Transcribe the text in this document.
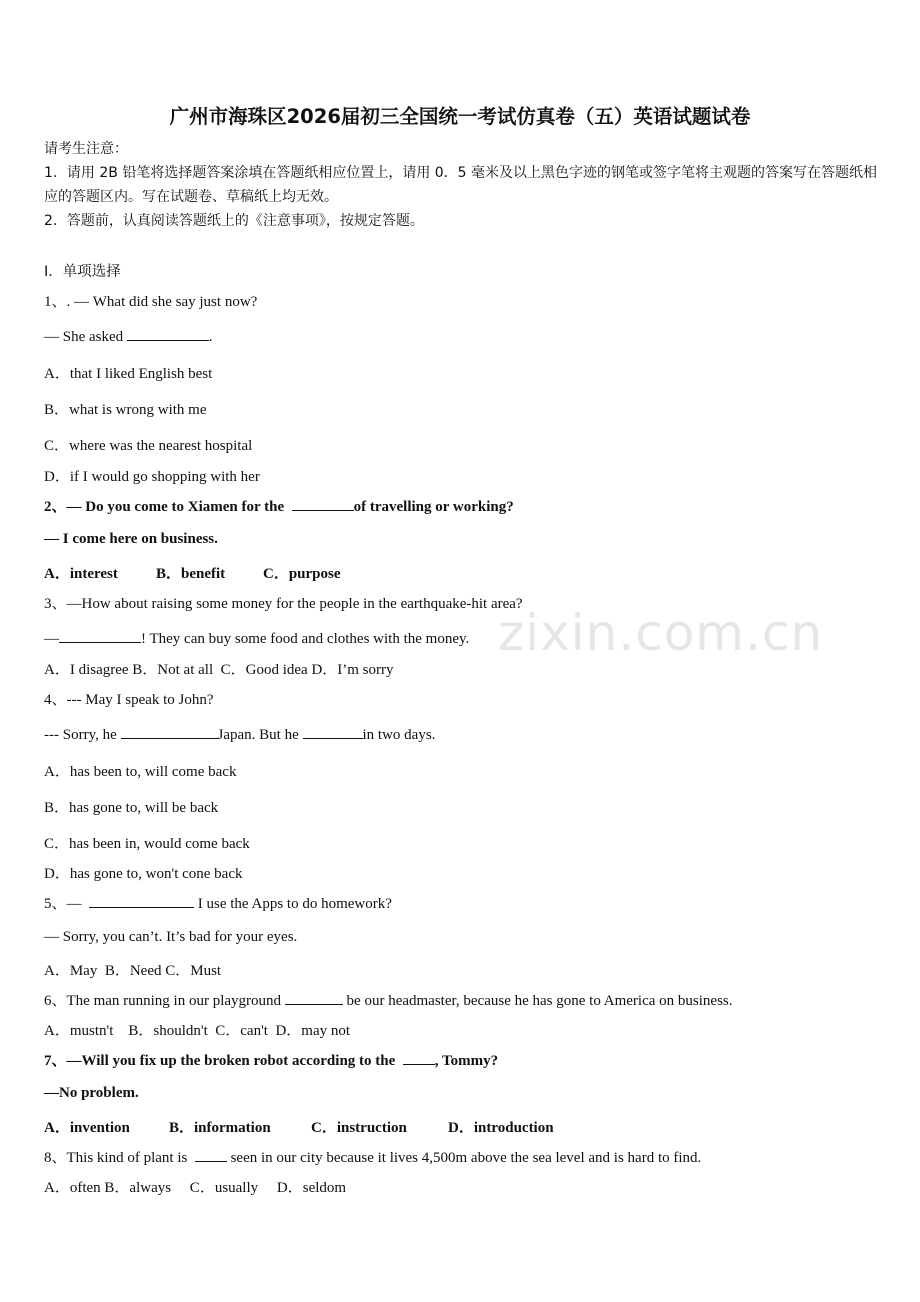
广州市海珠区2026届初三全国统一考试仿真卷（五）英语试题试卷
请考生注意：
1．请用 2B 铅笔将选择题答案涂填在答题纸相应位置上，请用 0．5 毫米及以上黑色字迹的钢笔或签字笔将主观题的答案写在答题纸相应的答题区内。写在试题卷、草稿纸上均无效。
2．答题前，认真阅读答题纸上的《注意事项》，按规定答题。
Ⅰ．单项选择
zixin.com.cn
1、. — What did she say just now?
— She asked	.
A．that I liked English best
B．what is wrong with me
C．where was the nearest hospital
D．if I would go shopping with her
2、— Do you come to Xiamen for the	of travelling or working?
— I come here on business.
A．interest	B．benefit	C．purpose
3、—How about raising some money for the people in the earthquake-hit area?
—	! They can buy some food and clothes with the money.
A．I disagree B．Not at all  C．Good idea D．I’m sorry
4、--- May I speak to John?
--- Sorry, he	Japan. But he	in two days.
A．has been to, will come back
B．has gone to, will be back
C．has been in, would come back
D．has gone to, won't cone back
5、—	I use the Apps to do homework?
— Sorry, you can’t. It’s bad for your eyes.
A．May  B．Need C．Must
6、The man running in our playground	be our headmaster, because he has gone to America on business.
A．mustn't    B．shouldn't  C．can't  D．may not
7、—Will you fix up the broken robot according to the  , Tommy?
—No problem.
A．invention	B．information	C．instruction	D．introduction
8、This kind of plant is   seen in our city because it lives 4,500m above the sea level and is hard to find.
A．often B．always     C．usually     D．seldom
